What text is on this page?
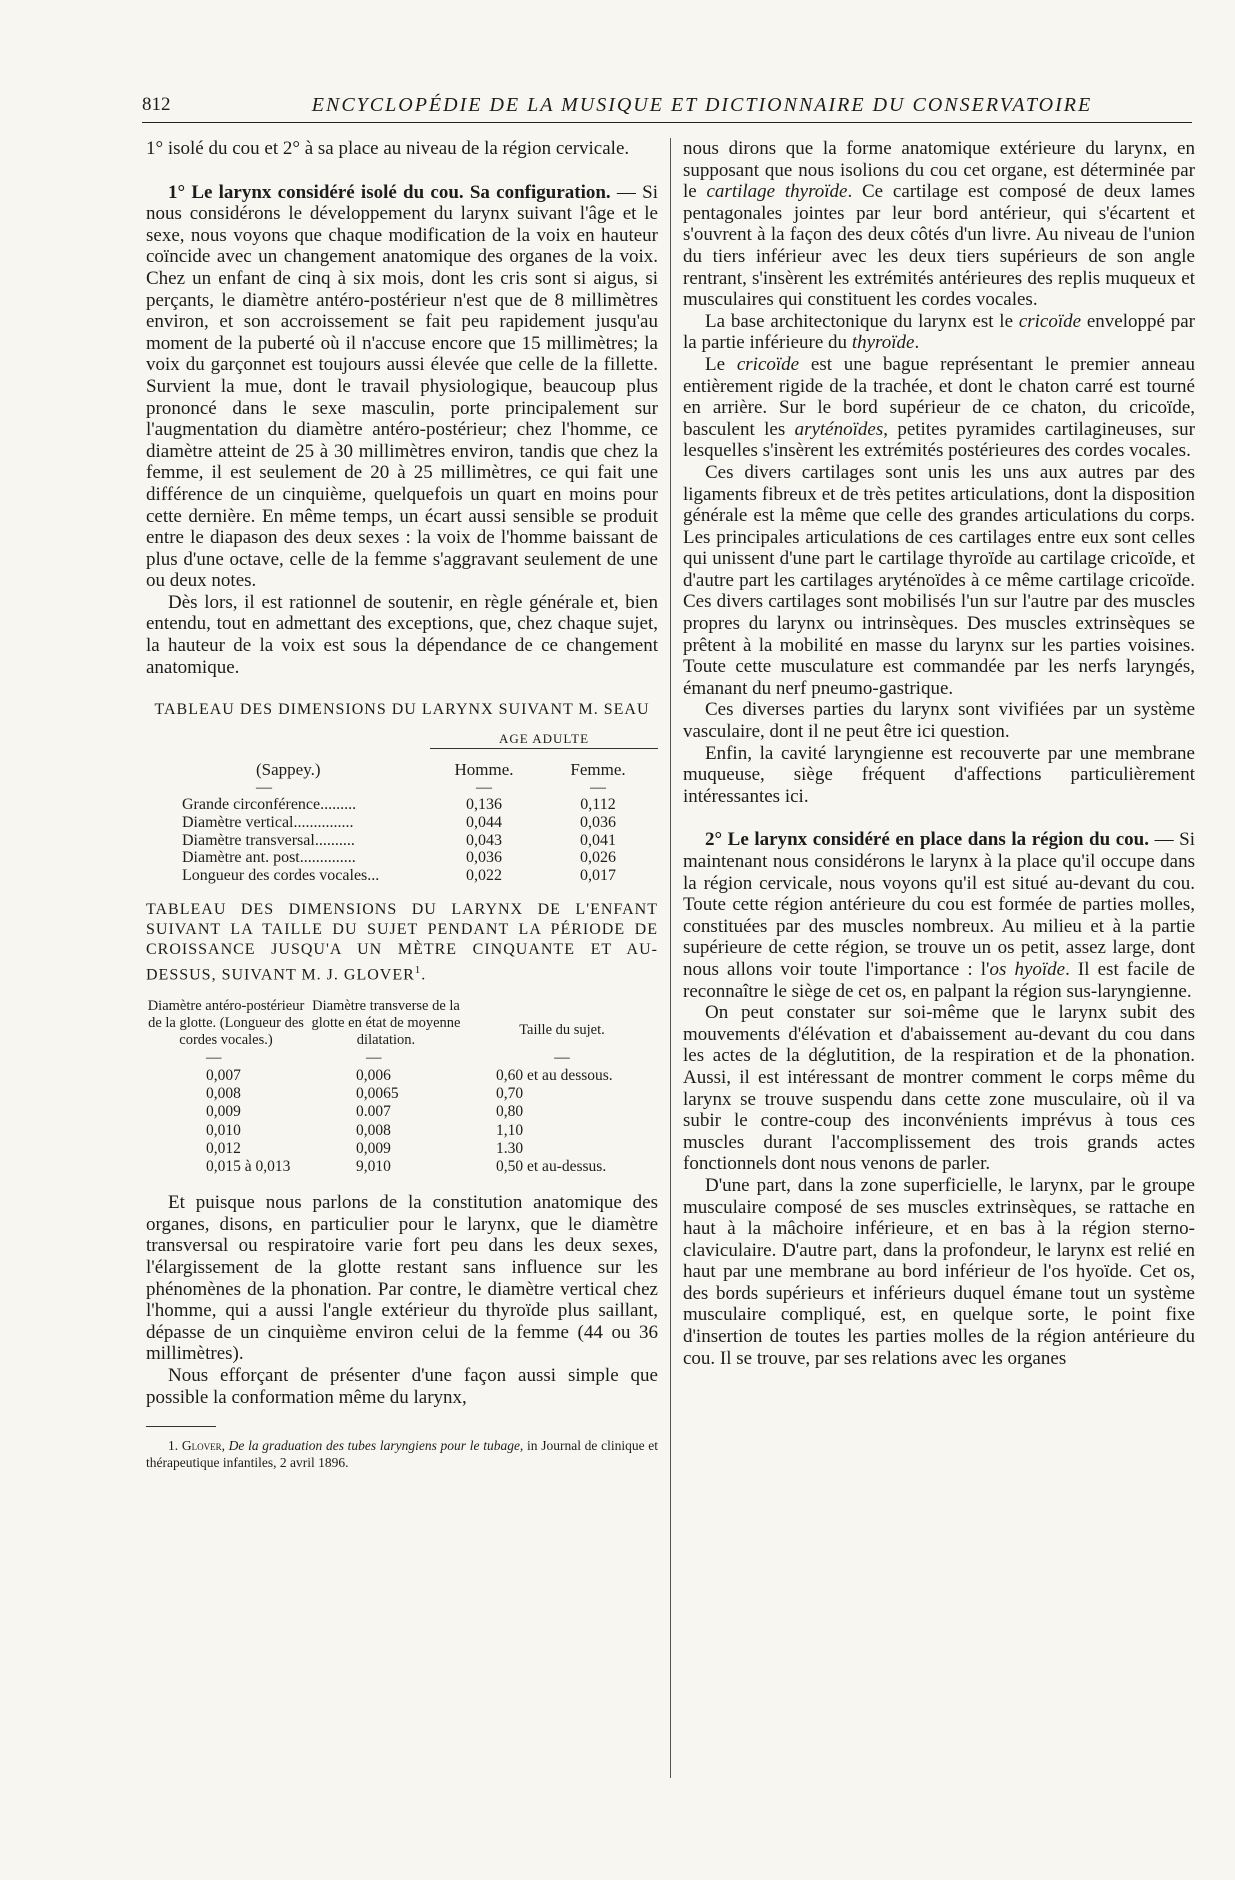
812	ENCYCLOPÉDIE DE LA MUSIQUE ET DICTIONNAIRE DU CONSERVATOIRE

1° isolé du cou et 2° à sa place au niveau de la région cervicale.

1° Le larynx considéré isolé du cou. Sa configuration. — Si nous considérons le développement du larynx suivant l'âge et le sexe, nous voyons que chaque modification de la voix en hauteur coïncide avec un changement anatomique des organes de la voix. Chez un enfant de cinq à six mois, dont les cris sont si aigus, si perçants, le diamètre antéro-postérieur n'est que de 8 millimètres environ, et son accroissement se fait peu rapidement jusqu'au moment de la puberté où il n'accuse encore que 15 millimètres; la voix du garçonnet est toujours aussi élevée que celle de la fillette. Survient la mue, dont le travail physiologique, beaucoup plus prononcé dans le sexe masculin, porte principalement sur l'augmentation du diamètre antéro-postérieur; chez l'homme, ce diamètre atteint de 25 à 30 millimètres environ, tandis que chez la femme, il est seulement de 20 à 25 millimètres, ce qui fait une différence de un cinquième, quelquefois un quart en moins pour cette dernière. En même temps, un écart aussi sensible se produit entre le diapason des deux sexes : la voix de l'homme baissant de plus d'une octave, celle de la femme s'aggravant seulement de une ou deux notes.

Dès lors, il est rationnel de soutenir, en règle générale et, bien entendu, tout en admettant des exceptions, que, chez chaque sujet, la hauteur de la voix est sous la dépendance de ce changement anatomique.

TABLEAU DES DIMENSIONS DU LARYNX SUIVANT M. SEAU

	AGE ADULTE	

(Sappey.)	Homme.	Femme.
—	—	—
Grande circonférence.........	0,136	0,112
Diamètre vertical...............	0,044	0,036
Diamètre transversal..........	0,043	0,041
Diamètre ant. post..............	0,036	0,026
Longueur des cordes vocales...	0,022	0,017

TABLEAU DES DIMENSIONS DU LARYNX DE L'ENFANT SUIVANT LA TAILLE DU SUJET PENDANT LA PÉRIODE DE CROISSANCE JUSQU'A UN MÈTRE CINQUANTE ET AU-DESSUS, SUIVANT M. J. GLOVER$^1$.

Diamètre antéro-postérieur de la glotte. (Longueur des cordes vocales.)	Diamètre transverse de la glotte en état de moyenne dilatation.	Taille du sujet.
—	—	—
0,007	0,006	0,60 et au dessous.
0,008	0,0065	0,70
0,009	0.007	0,80
0,010	0,008	1,10
0,012	0,009	1.30
0,015 à 0,013	9,010	0,50 et au-dessus.

Et puisque nous parlons de la constitution anatomique des organes, disons, en particulier pour le larynx, que le diamètre transversal ou respiratoire varie fort peu dans les deux sexes, l'élargissement de la glotte restant sans influence sur les phénomènes de la phonation. Par contre, le diamètre vertical chez l'homme, qui a aussi l'angle extérieur du thyroïde plus saillant, dépasse de un cinquième environ celui de la femme (44 ou 36 millimètres).

Nous efforçant de présenter d'une façon aussi simple que possible la conformation même du larynx,

1. Glover, De la graduation des tubes laryngiens pour le tubage, in Journal de clinique et thérapeutique infantiles, 2 avril 1896.

nous dirons que la forme anatomique extérieure du larynx, en supposant que nous isolions du cou cet organe, est déterminée par le cartilage thyroïde. Ce cartilage est composé de deux lames pentagonales jointes par leur bord antérieur, qui s'écartent et s'ouvrent à la façon des deux côtés d'un livre. Au niveau de l'union du tiers inférieur avec les deux tiers supérieurs de son angle rentrant, s'insèrent les extrémités antérieures des replis muqueux et musculaires qui constituent les cordes vocales.

La base architectonique du larynx est le cricoïde enveloppé par la partie inférieure du thyroïde.

Le cricoïde est une bague représentant le premier anneau entièrement rigide de la trachée, et dont le chaton carré est tourné en arrière. Sur le bord supérieur de ce chaton, du cricoïde, basculent les aryténoïdes, petites pyramides cartilagineuses, sur lesquelles s'insèrent les extrémités postérieures des cordes vocales.

Ces divers cartilages sont unis les uns aux autres par des ligaments fibreux et de très petites articulations, dont la disposition générale est la même que celle des grandes articulations du corps. Les principales articulations de ces cartilages entre eux sont celles qui unissent d'une part le cartilage thyroïde au cartilage cricoïde, et d'autre part les cartilages aryténoïdes à ce même cartilage cricoïde. Ces divers cartilages sont mobilisés l'un sur l'autre par des muscles propres du larynx ou intrinsèques. Des muscles extrinsèques se prêtent à la mobilité en masse du larynx sur les parties voisines. Toute cette musculature est commandée par les nerfs laryngés, émanant du nerf pneumo-gastrique.

Ces diverses parties du larynx sont vivifiées par un système vasculaire, dont il ne peut être ici question.

Enfin, la cavité laryngienne est recouverte par une membrane muqueuse, siège fréquent d'affections particulièrement intéressantes ici.

2° Le larynx considéré en place dans la région du cou. — Si maintenant nous considérons le larynx à la place qu'il occupe dans la région cervicale, nous voyons qu'il est situé au-devant du cou. Toute cette région antérieure du cou est formée de parties molles, constituées par des muscles nombreux. Au milieu et à la partie supérieure de cette région, se trouve un os petit, assez large, dont nous allons voir toute l'importance : l'os hyoïde. Il est facile de reconnaître le siège de cet os, en palpant la région sus-laryngienne.

On peut constater sur soi-même que le larynx subit des mouvements d'élévation et d'abaissement au-devant du cou dans les actes de la déglutition, de la respiration et de la phonation. Aussi, il est intéressant de montrer comment le corps même du larynx se trouve suspendu dans cette zone musculaire, où il va subir le contre-coup des inconvénients imprévus à tous ces muscles durant l'accomplissement des trois grands actes fonctionnels dont nous venons de parler.

D'une part, dans la zone superficielle, le larynx, par le groupe musculaire composé de ses muscles extrinsèques, se rattache en haut à la mâchoire inférieure, et en bas à la région sterno-claviculaire. D'autre part, dans la profondeur, le larynx est relié en haut par une membrane au bord inférieur de l'os hyoïde. Cet os, des bords supérieurs et inférieurs duquel émane tout un système musculaire compliqué, est, en quelque sorte, le point fixe d'insertion de toutes les parties molles de la région antérieure du cou. Il se trouve, par ses relations avec les organes
